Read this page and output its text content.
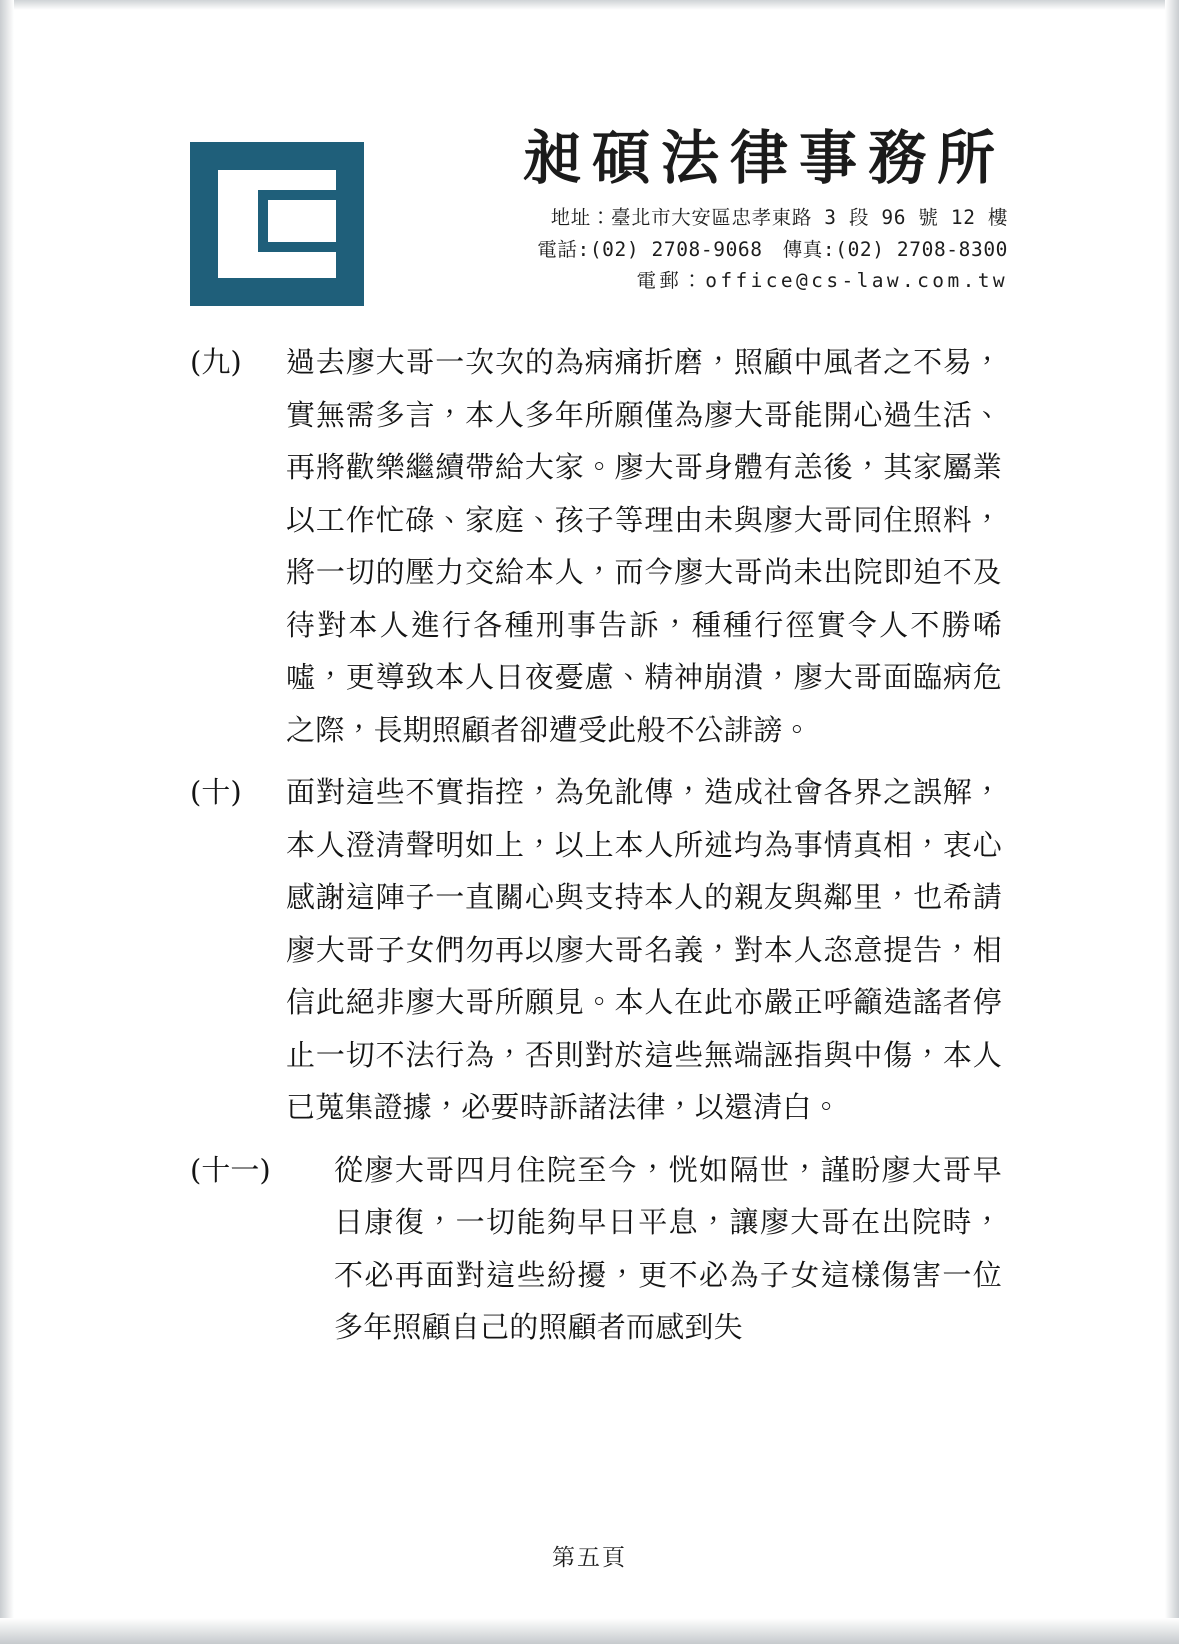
昶碩法律事務所
地址：臺北市大安區忠孝東路 3 段 96 號 12 樓
電話:(02) 2708-9068　傳真:(02) 2708-8300
電郵：office@cs-law.com.tw
(九)	過去廖大哥一次次的為病痛折磨，照顧中風者之不易，實無需多言，本人多年所願僅為廖大哥能開心過生活、再將歡樂繼續帶給大家。廖大哥身體有恙後，其家屬業以工作忙碌、家庭、孩子等理由未與廖大哥同住照料，將一切的壓力交給本人，而今廖大哥尚未出院即迫不及待對本人進行各種刑事告訴，種種行徑實令人不勝唏噓，更導致本人日夜憂慮、精神崩潰，廖大哥面臨病危之際，長期照顧者卻遭受此般不公誹謗。
(十)	面對這些不實指控，為免訛傳，造成社會各界之誤解，本人澄清聲明如上，以上本人所述均為事情真相，衷心感謝這陣子一直關心與支持本人的親友與鄰里，也希請廖大哥子女們勿再以廖大哥名義，對本人恣意提告，相信此絕非廖大哥所願見。本人在此亦嚴正呼籲造謠者停止一切不法行為，否則對於這些無端誣指與中傷，本人已蒐集證據，必要時訴諸法律，以還清白。
(十一)	從廖大哥四月住院至今，恍如隔世，謹盼廖大哥早日康復，一切能夠早日平息，讓廖大哥在出院時，不必再面對這些紛擾，更不必為子女這樣傷害一位多年照顧自己的照顧者而感到失
第五頁
